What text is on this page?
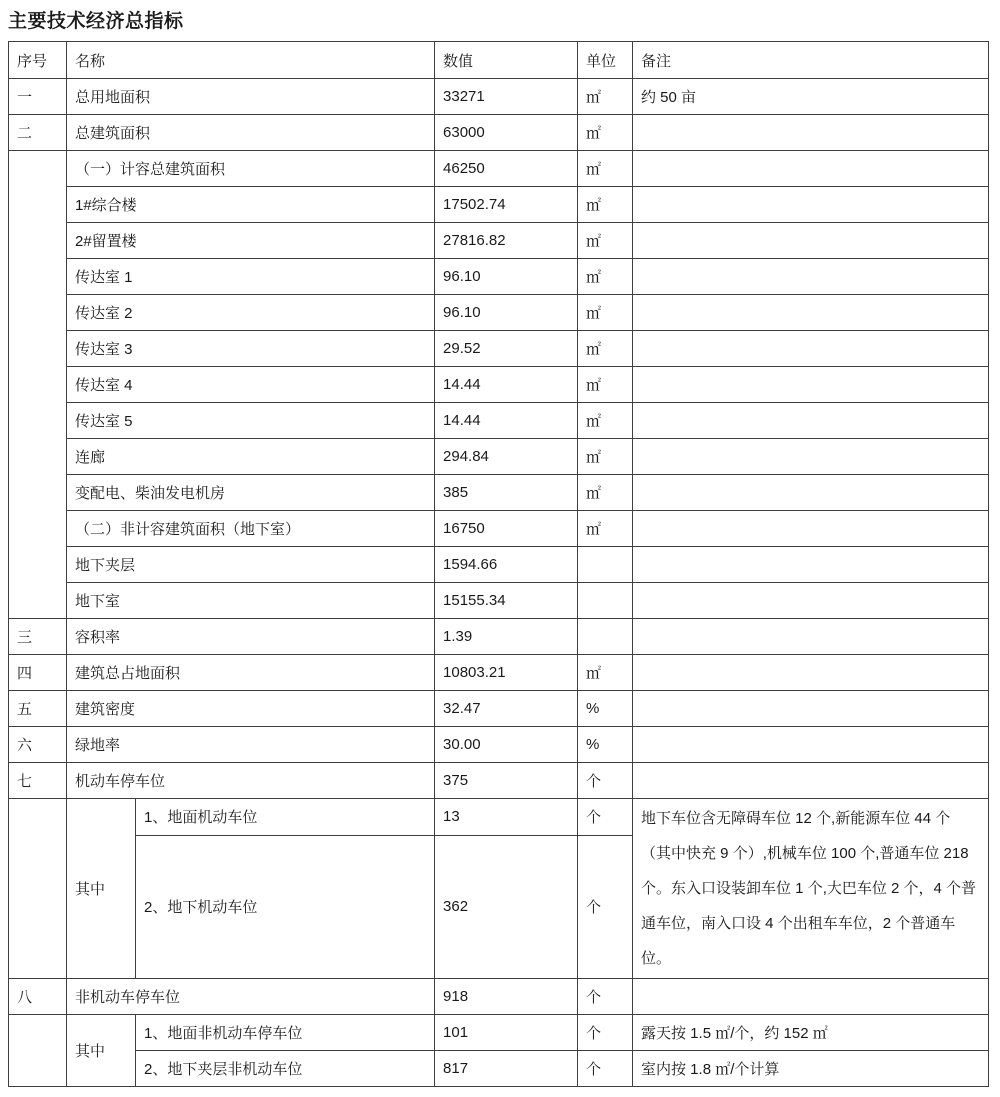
主要技术经济总指标
序号	名称		数值	单位	备注
一	总用地面积		33271	㎡	约 50 亩
二	总建筑面积		63000	㎡	
	（一）计容总建筑面积		46250	㎡	
	1#综合楼		17502.74	㎡	
	2#留置楼		27816.82	㎡	
	传达室 1		96.10	㎡	
	传达室 2		96.10	㎡	
	传达室 3		29.52	㎡	
	传达室 4		14.44	㎡	
	传达室 5		14.44	㎡	
	连廊		294.84	㎡	
	变配电、柴油发电机房		385	㎡	
	（二）非计容建筑面积（地下室）		16750	㎡	
	地下夹层		1594.66		
	地下室		15155.34		
三	容积率		1.39		
四	建筑总占地面积		10803.21	㎡	
五	建筑密度		32.47	%	
六	绿地率		30.00	%	
七	机动车停车位		375	个	
	其中	1、地面机动车位	13	个	地下车位含无障碍车位 12 个,新能源车位 44 个（其中快充 9 个）,机械车位 100 个,普通车位 218 个。东入口设装卸车位 1 个,大巴车位 2 个，4 个普通车位，南入口设 4 个出租车车位，2 个普通车位。
		2、地下机动车位	362	个	
八	非机动车停车位		918	个	
	其中	1、地面非机动车停车位	101	个	露天按 1.5 ㎡/个，约 152 ㎡
		2、地下夹层非机动车位	817	个	室内按 1.8 ㎡/个计算
